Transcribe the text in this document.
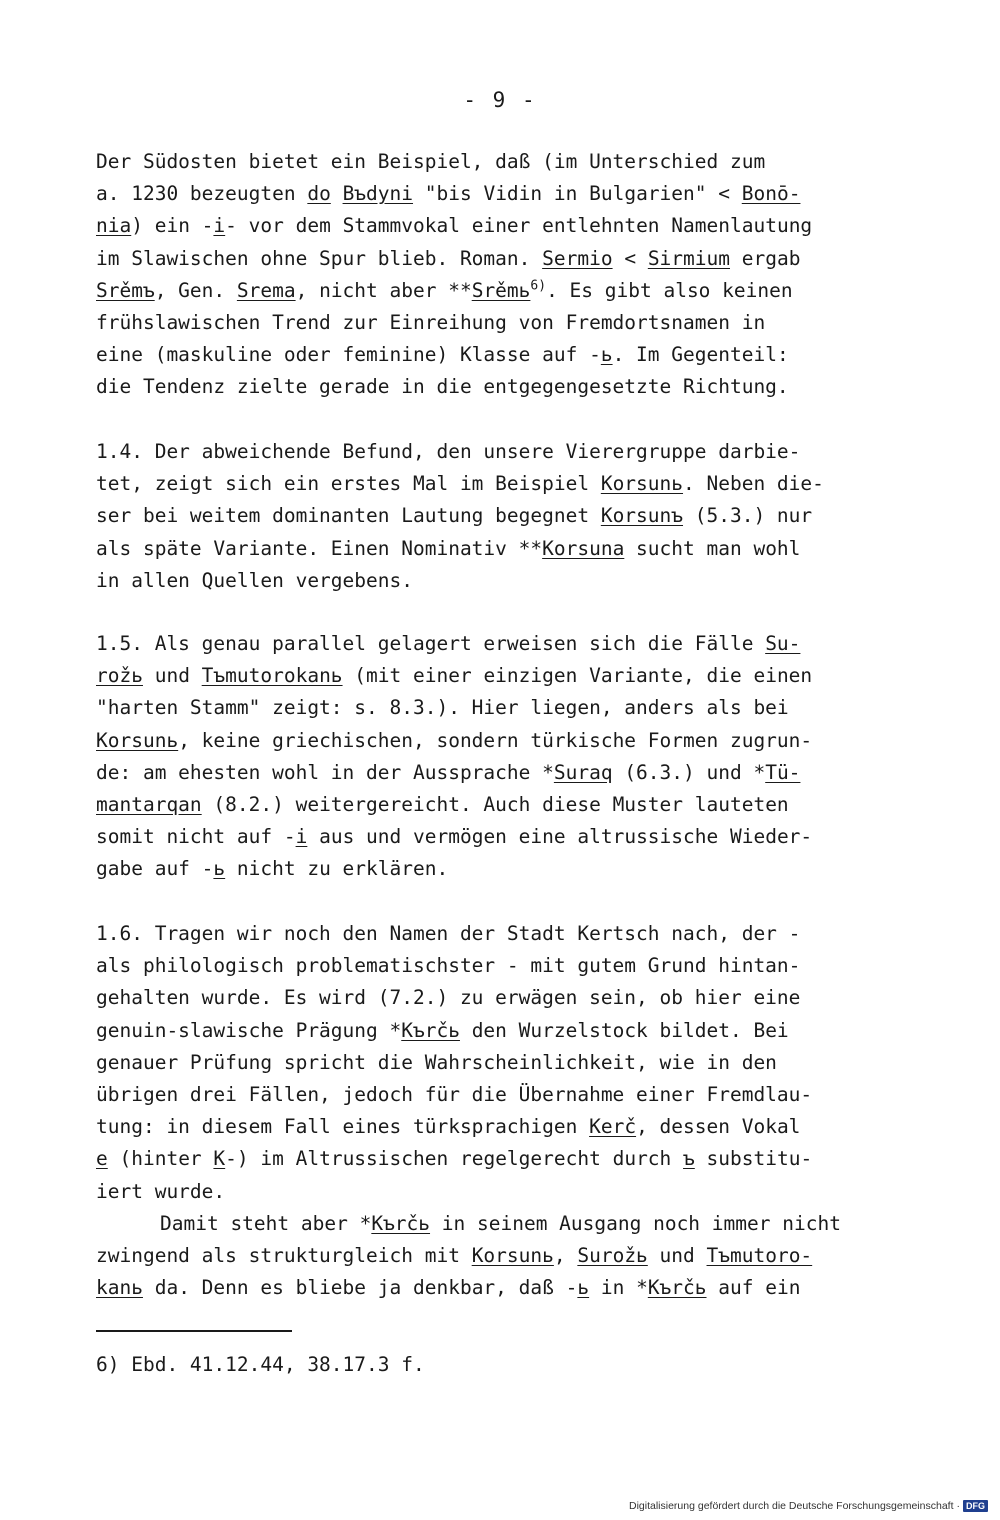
- 9 -
Der Südosten bietet ein Beispiel, daß (im Unterschied zum
a. 1230 bezeugten do Bъdyni "bis Vidin in Bulgarien" < Bonō-
nia) ein -i- vor dem Stammvokal einer entlehnten Namenlautung
im Slawischen ohne Spur blieb. Roman. Sermio < Sirmium ergab
Srěmъ, Gen. Srema, nicht aber **Srěmь$^{6)}$. Es gibt also keinen
frühslawischen Trend zur Einreihung von Fremdortsnamen in
eine (maskuline oder feminine) Klasse auf -ь. Im Gegenteil:
die Tendenz zielte gerade in die entgegengesetzte Richtung.
1.4. Der abweichende Befund, den unsere Vierergruppe darbie-
tet, zeigt sich ein erstes Mal im Beispiel Korsunь. Neben die-
ser bei weitem dominanten Lautung begegnet Korsunъ (5.3.) nur
als späte Variante. Einen Nominativ **Korsuna sucht man wohl
in allen Quellen vergebens.
1.5. Als genau parallel gelagert erweisen sich die Fälle Su-
rožь und Tъmutorokanь (mit einer einzigen Variante, die einen
"harten Stamm" zeigt: s. 8.3.). Hier liegen, anders als bei
Korsunь, keine griechischen, sondern türkische Formen zugrun-
de: am ehesten wohl in der Aussprache *Suraq (6.3.) und *Tü-
mantarqan (8.2.) weitergereicht. Auch diese Muster lauteten
somit nicht auf -i aus und vermögen eine altrussische Wieder-
gabe auf -ь nicht zu erklären.
1.6. Tragen wir noch den Namen der Stadt Kertsch nach, der -
als philologisch problematischster - mit gutem Grund hintan-
gehalten wurde. Es wird (7.2.) zu erwägen sein, ob hier eine
genuin-slawische Prägung *Kъrčь den Wurzelstock bildet. Bei
genauer Prüfung spricht die Wahrscheinlichkeit, wie in den
übrigen drei Fällen, jedoch für die Übernahme einer Fremdlau-
tung: in diesem Fall eines türksprachigen Kerč, dessen Vokal
e (hinter K-) im Altrussischen regelgerecht durch ъ substitu-
iert wurde.
Damit steht aber *Kъrčь in seinem Ausgang noch immer nicht
zwingend als strukturgleich mit Korsunь, Surožь und Tъmutoro-
kanь da. Denn es bliebe ja denkbar, daß -ь in *Kъrčь auf ein
6) Ebd. 41.12.44, 38.17.3 f.
Digitalisierung gefördert durch die Deutsche Forschungsgemeinschaft · DFG
